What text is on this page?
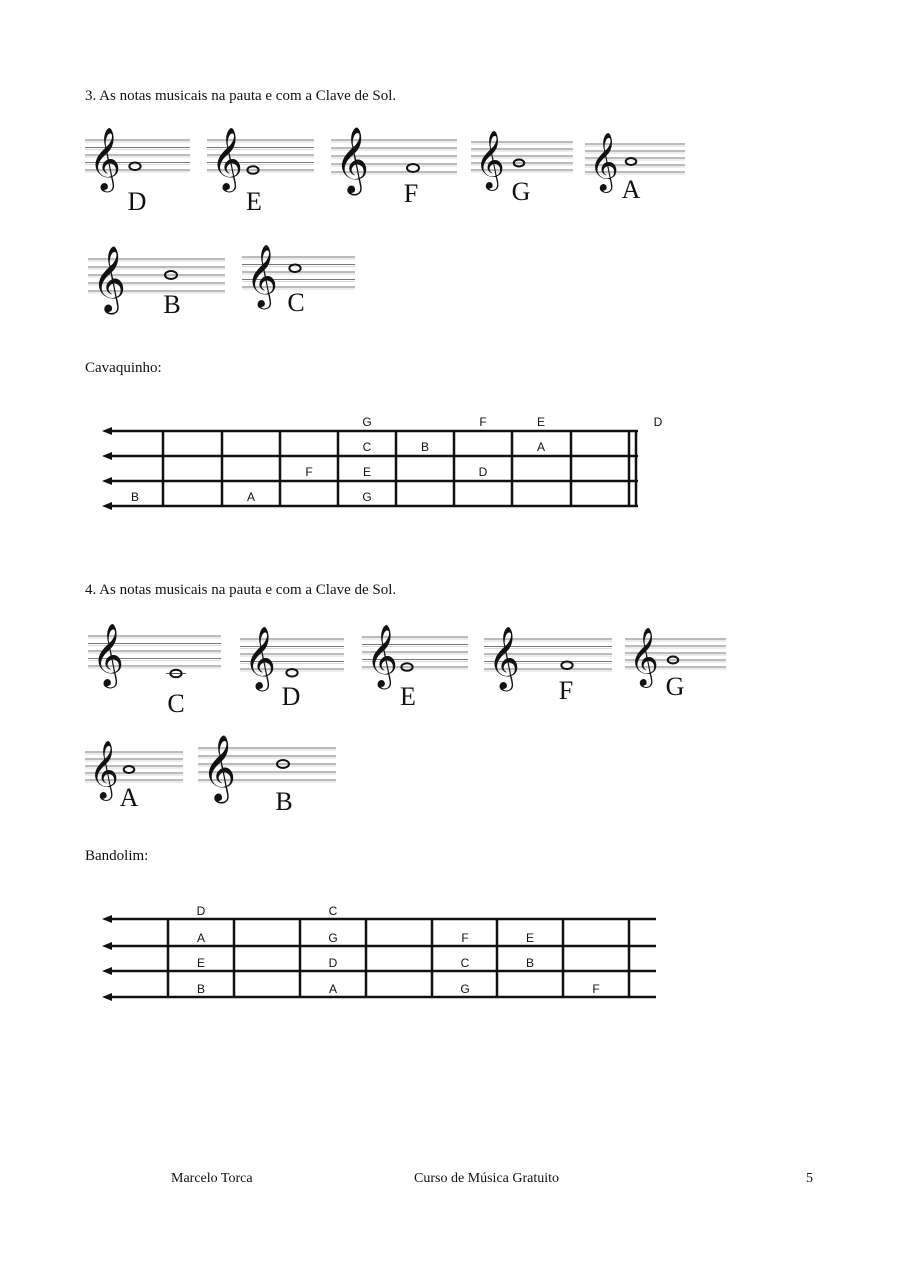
3. As notas musicais na pauta e com a Clave de Sol.
𝄞
D
𝄞
E
𝄞
F
𝄞
G
𝄞 A
𝄞 B 𝄞 C
Cavaquinho:
G	F	E	D
C	B	A
F	E	D
B	A	G
4. As notas musicais na pauta e com a Clave de Sol.
𝄞
C
𝄞
D
𝄞
E
𝄞
F
𝄞
G
𝄞 A 𝄞
B
Bandolim:
D	C
A	G	F	E
E	D	C	B
B	A	G	F
Marcelo Torca	Curso de Música Gratuito	5
